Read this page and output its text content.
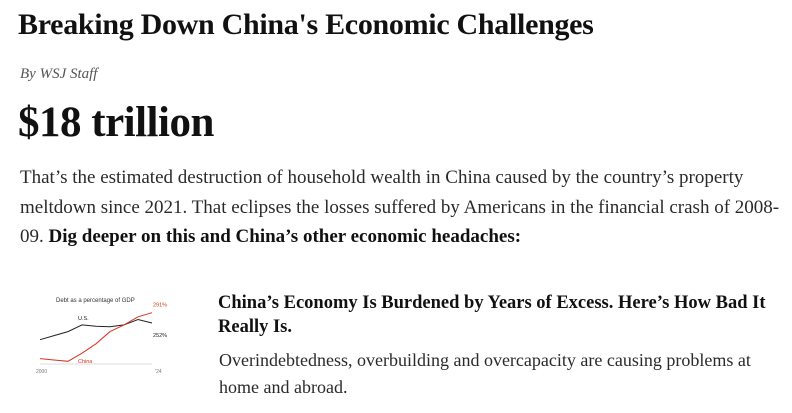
Breaking Down China's Economic Challenges
By WSJ Staff
$18 trillion

That’s the estimated destruction of household wealth in China caused by the country’s property meltdown since 2021. That eclipses the losses suffered by Americans in the financial crash of 2008-09. Dig deeper on this and China’s other economic headaches:

Debt as a percentage of GDP
2000	’24
U.S.
252%
China
291%	China’s Economy Is Burdened by Years of Excess. Here’s How Bad It Really Is.

Overindebtedness, overbuilding and overcapacity are causing problems at home and abroad.
